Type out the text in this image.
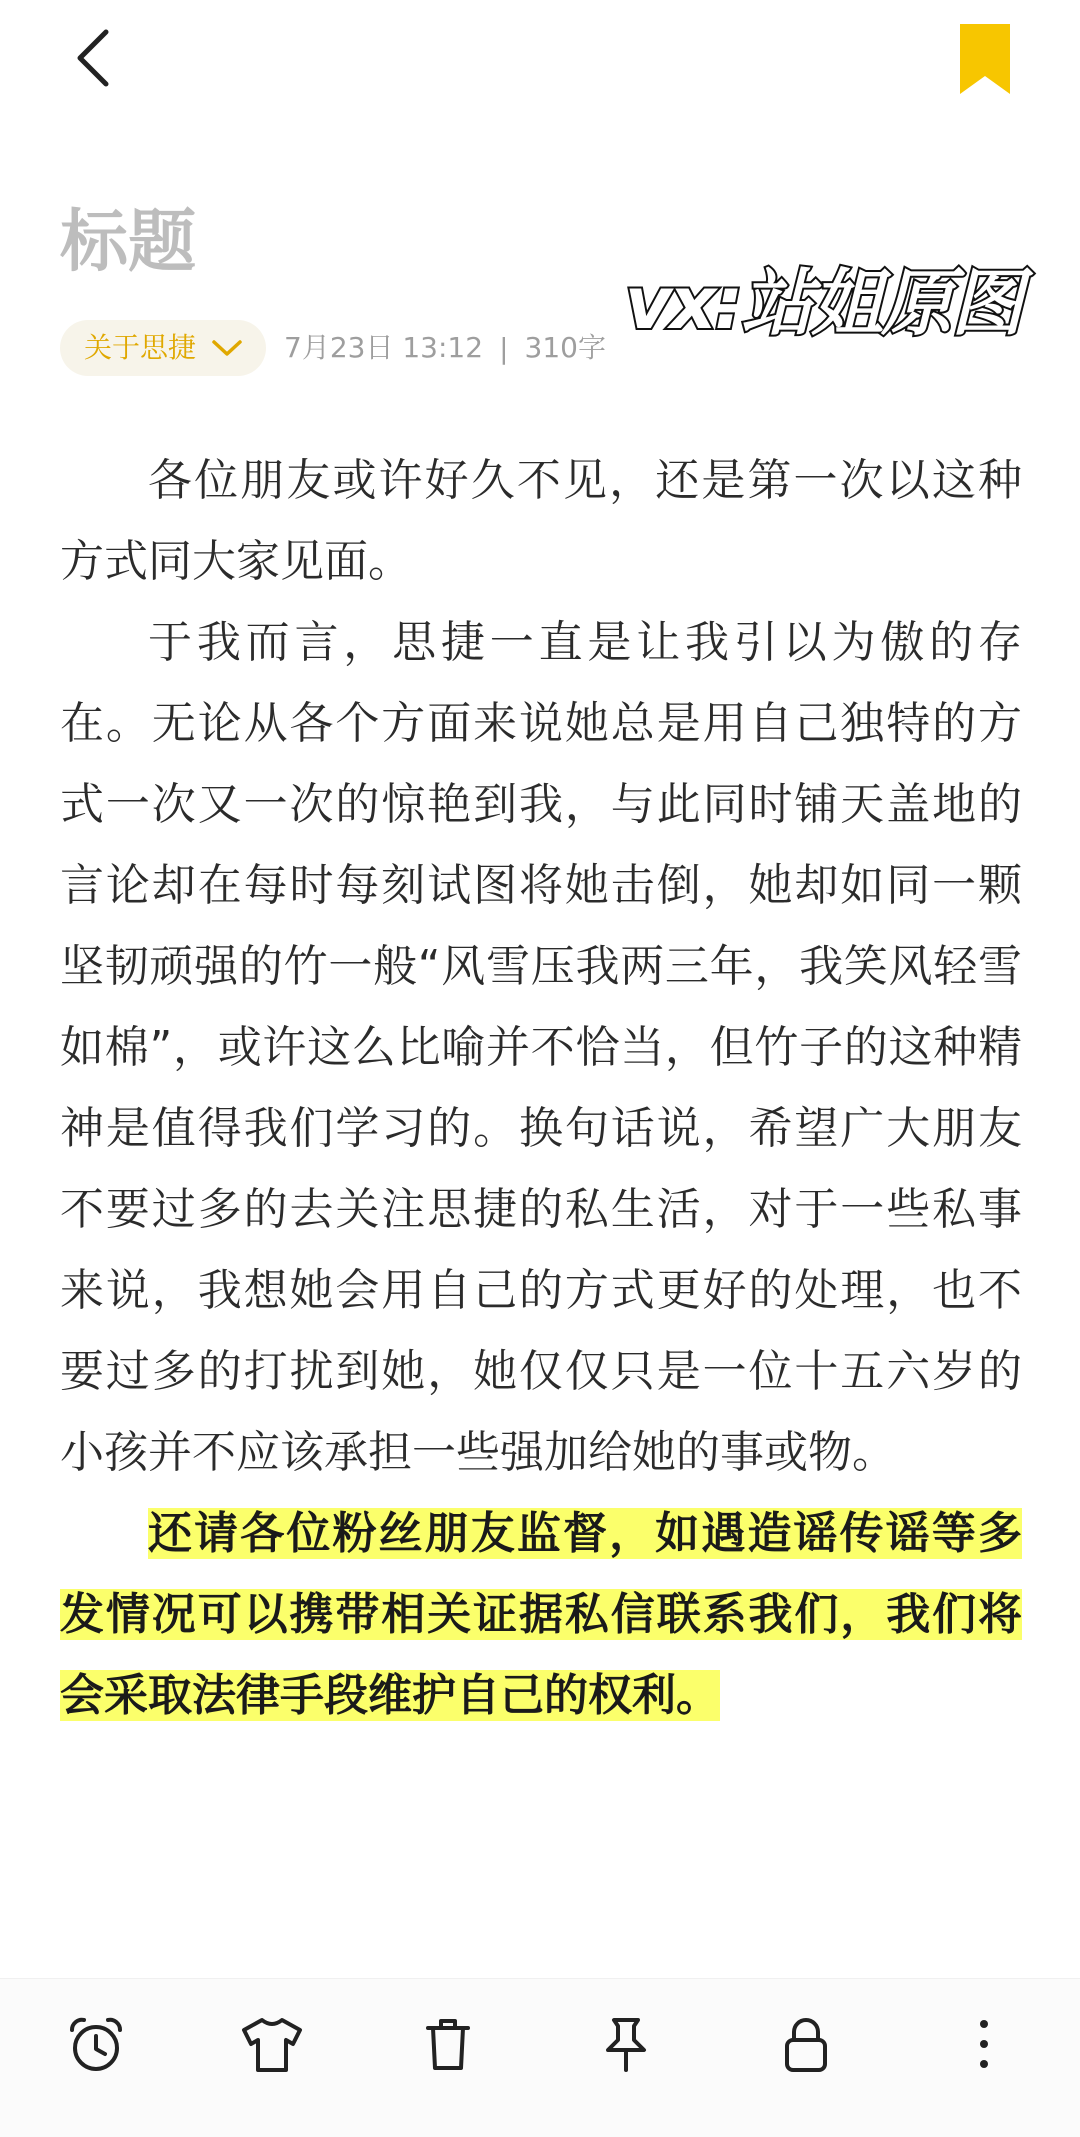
标题
vx:站姐原图
关于思捷	7月23日 13:12 | 310字

各位朋友或许好久不见，还是第一次以这种方式同大家见面。

于我而言，思捷一直是让我引以为傲的存在。无论从各个方面来说她总是用自己独特的方式一次又一次的惊艳到我，与此同时铺天盖地的言论却在每时每刻试图将她击倒，她却如同一颗坚韧顽强的竹一般“风雪压我两三年，我笑风轻雪如棉”，或许这么比喻并不恰当，但竹子的这种精神是值得我们学习的。换句话说，希望广大朋友不要过多的去关注思捷的私生活，对于一些私事来说，我想她会用自己的方式更好的处理，也不要过多的打扰到她，她仅仅只是一位十五六岁的小孩并不应该承担一些强加给她的事或物。

还请各位粉丝朋友监督，如遇造谣传谣等多发情况可以携带相关证据私信联系我们，我们将会采取法律手段维护自己的权利。
